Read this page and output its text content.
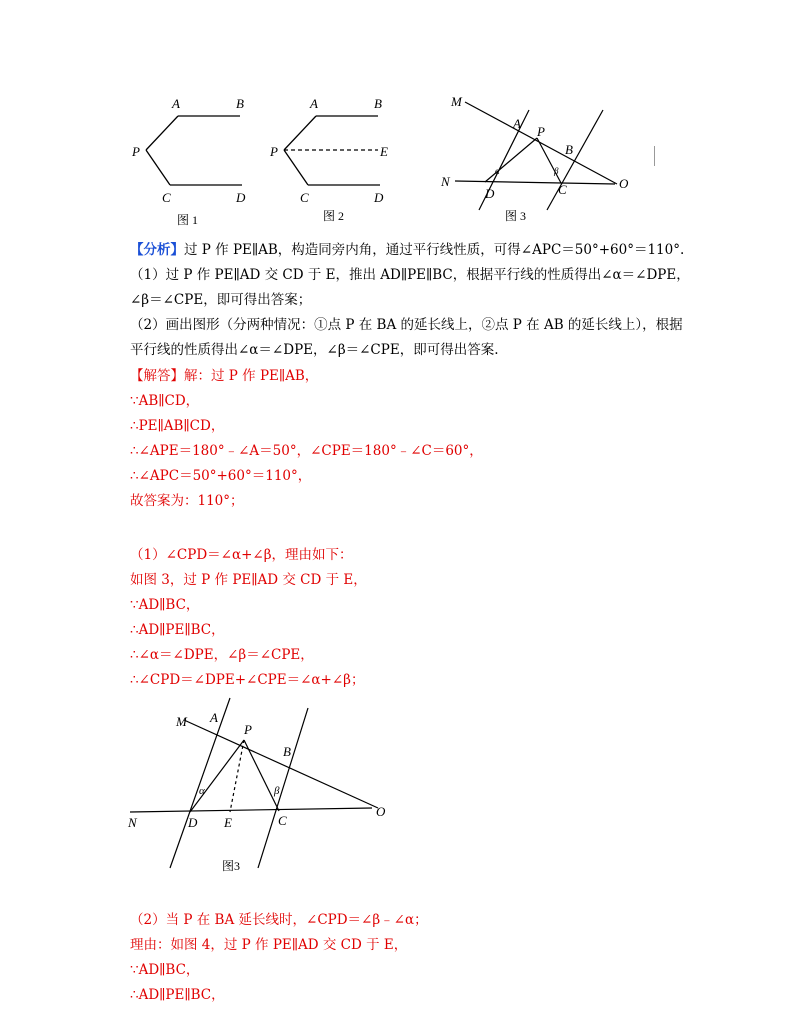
A	B
P
C	D
图 1
A	B
P	E
C	D
图 2
M
A
P
B
N
D	C	O
α	β
图 3
【分析】过 P 作 PE∥AB，构造同旁内角，通过平行线性质，可得∠APC＝50°+60°＝110°.
（1）过 P 作 PE∥AD 交 CD 于 E，推出 AD∥PE∥BC，根据平行线的性质得出∠α＝∠DPE，
∠β＝∠CPE，即可得出答案；
（2）画出图形（分两种情况：①点 P 在 BA 的延长线上，②点 P 在 AB 的延长线上），根据
平行线的性质得出∠α＝∠DPE，∠β＝∠CPE，即可得出答案.
【解答】解：过 P 作 PE∥AB，
∵AB∥CD，
∴PE∥AB∥CD，
∴∠APE＝180°﹣∠A＝50°，∠CPE＝180°﹣∠C＝60°，
∴∠APC＝50°+60°＝110°，
故答案为：110°；
（1）∠CPD＝∠α+∠β，理由如下：
如图 3，过 P 作 PE∥AD 交 CD 于 E，
∵AD∥BC，
∴AD∥PE∥BC，
∴∠α＝∠DPE，∠β＝∠CPE，
∴∠CPD＝∠DPE+∠CPE＝∠α+∠β；
M A
P
B
N	D E	C
O
α	β
图3
（2）当 P 在 BA 延长线时，∠CPD＝∠β﹣∠α；
理由：如图 4，过 P 作 PE∥AD 交 CD 于 E，
∵AD∥BC，
∴AD∥PE∥BC，
